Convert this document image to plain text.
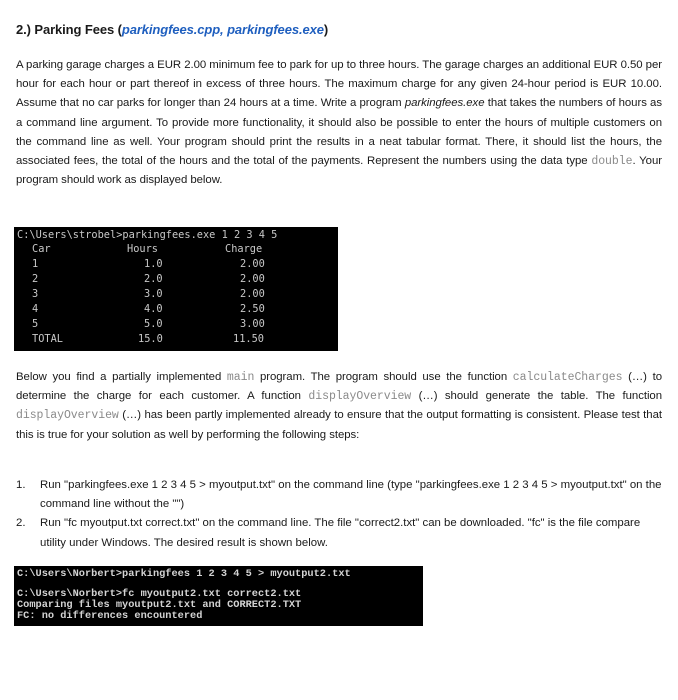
2.) Parking Fees (parkingfees.cpp, parkingfees.exe)
A parking garage charges a EUR 2.00 minimum fee to park for up to three hours. The garage charges an additional EUR 0.50 per hour for each hour or part thereof in excess of three hours. The maximum charge for any given 24-hour period is EUR 10.00. Assume that no car parks for longer than 24 hours at a time. Write a program parkingfees.exe that takes the numbers of hours as a command line argument. To provide more functionality, it should also be possible to enter the hours of multiple customers on the command line as well. Your program should print the results in a neat tabular format. There, it should list the hours, the associated fees, the total of the hours and the total of the payments. Represent the numbers using the data type double. Your program should work as displayed below.
C:\Users\strobel>parkingfees.exe 1 2 3 4 5
Car	Hours	Charge
1	1.0	2.00
2	2.0	2.00
3	3.0	2.00
4	4.0	2.50
5	5.0	3.00
TOTAL	15.0	11.50
Below you find a partially implemented main program. The program should use the function calculateCharges (…) to determine the charge for each customer. A function displayOverview (…) should generate the table. The function displayOverview (…) has been partly implemented already to ensure that the output formatting is consistent. Please test that this is true for your solution as well by performing the following steps:
1. Run "parkingfees.exe 1 2 3 4 5 > myoutput.txt" on the command line (type "parkingfees.exe 1 2 3 4 5 > myoutput.txt" on the command line without the "")
2. Run "fc myoutput.txt correct.txt" on the command line. The file "correct2.txt" can be downloaded. "fc" is the file compare utility under Windows. The desired result is shown below.
C:\Users\Norbert>parkingfees 1 2 3 4 5 > myoutput2.txt
C:\Users\Norbert>fc myoutput2.txt correct2.txt
Comparing files myoutput2.txt and CORRECT2.TXT
FC: no differences encountered
